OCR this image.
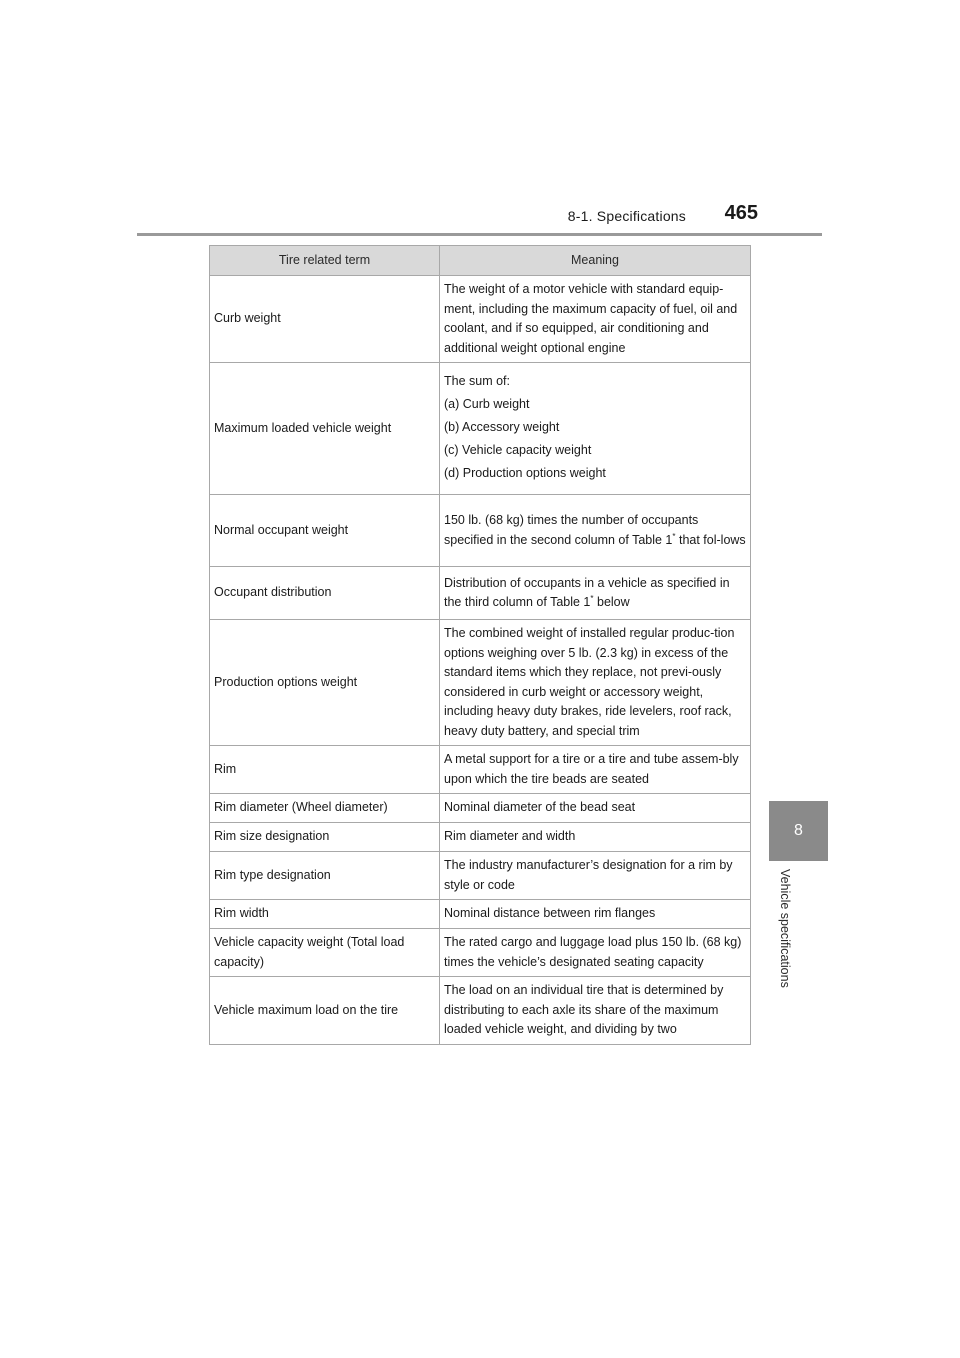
8-1. Specifications 465
8
Vehicle specifications
Tire related term	Meaning
Curb weight	The weight of a motor vehicle with standard equip-ment, including the maximum capacity of fuel, oil and coolant, and if so equipped, air conditioning and additional weight optional engine
Maximum loaded vehicle weight	The sum of:
(a) Curb weight
(b) Accessory weight
(c) Vehicle capacity weight
(d) Production options weight

Normal occupant weight	150 lb. (68 kg) times the number of occupants specified in the second column of Table 1* that fol-lows
Occupant distribution	Distribution of occupants in a vehicle as specified in the third column of Table 1* below
Production options weight	The combined weight of installed regular produc-tion options weighing over 5 lb. (2.3 kg) in excess of the standard items which they replace, not previ-ously considered in curb weight or accessory weight, including heavy duty brakes, ride levelers, roof rack, heavy duty battery, and special trim
Rim	A metal support for a tire or a tire and tube assem-bly upon which the tire beads are seated
Rim diameter (Wheel diameter)	Nominal diameter of the bead seat
Rim size designation	Rim diameter and width
Rim type designation	The industry manufacturer’s designation for a rim by style or code
Rim width	Nominal distance between rim flanges
Vehicle capacity weight (Total load capacity)	The rated cargo and luggage load plus 150 lb. (68 kg) times the vehicle’s designated seating capacity
Vehicle maximum load on the tire	The load on an individual tire that is determined by distributing to each axle its share of the maximum loaded vehicle weight, and dividing by two
